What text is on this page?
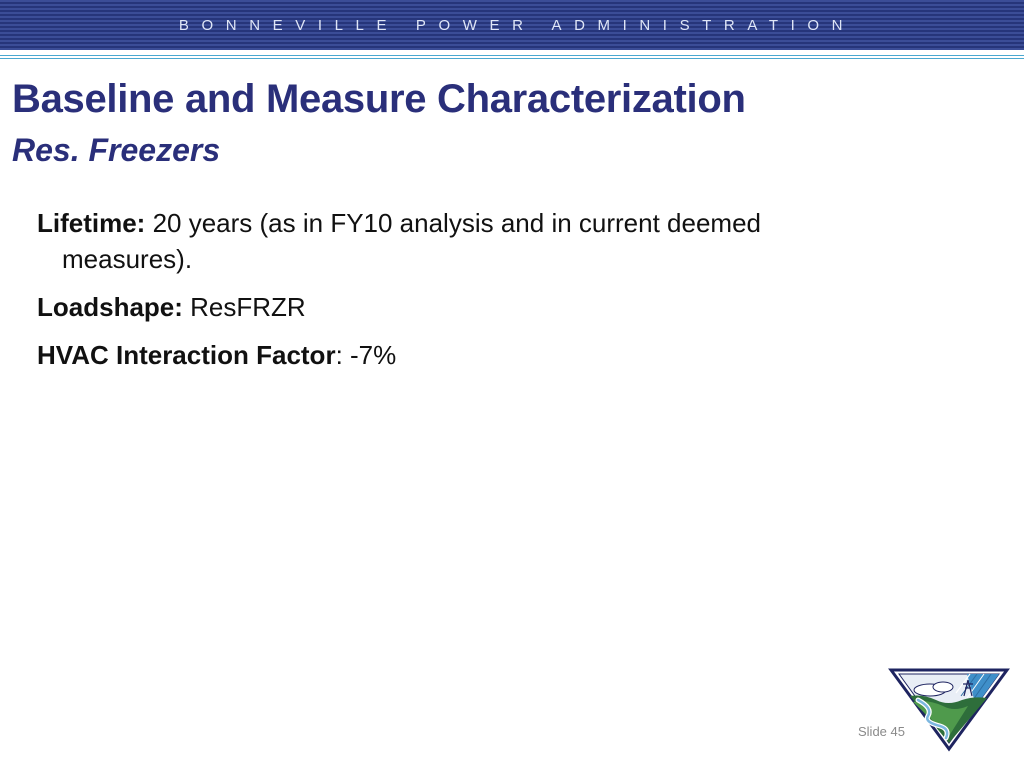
BONNEVILLE POWER ADMINISTRATION
Baseline and Measure Characterization
Res. Freezers
Lifetime: 20 years (as in FY10 analysis and in current deemed measures).
Loadshape: ResFRZR
HVAC Interaction Factor: -7%
Slide 45
